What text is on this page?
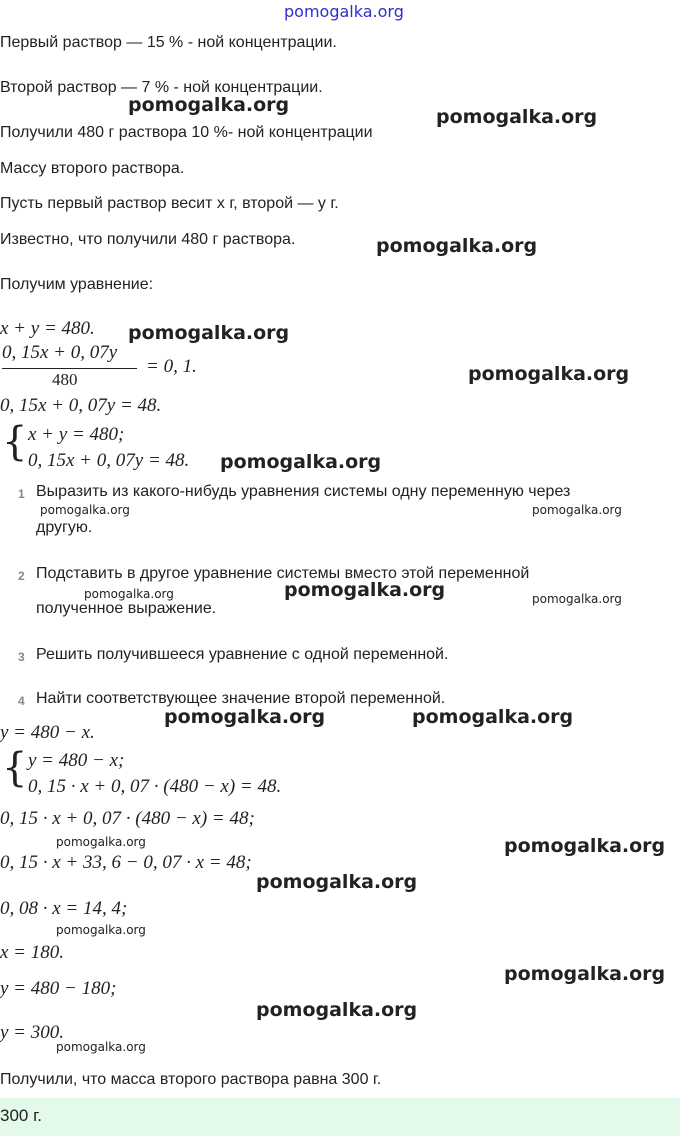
pomogalka.org
Первый раствор — 15 % - ной концентрации.
Второй раствор — 7 % - ной концентрации.
Получили 480 г раствора 10 %- ной концентрации
Массу второго раствора.
Пусть первый раствор весит x г, второй — y г.
Известно, что получили 480 г раствора.
Получим уравнение:
x + y = 480.
0, 15x + 0, 07y
480
= 0, 1.
0, 15x + 0, 07y = 48.
{ x + y = 480;
0, 15x + 0, 07y = 48.
1 Выразить из какого-нибудь уравнения системы одну переменную через
другую.
2 Подставить в другое уравнение системы вместо этой переменной
полученное выражение.
3 Решить получившееся уравнение с одной переменной.
4 Найти соответствующее значение второй переменной.
y = 480 − x.
{ y = 480 − x;
0, 15 · x + 0, 07 · (480 − x) = 48.
0, 15 · x + 0, 07 · (480 − x) = 48;
0, 15 · x + 33, 6 − 0, 07 · x = 48;
0, 08 · x = 14, 4;
x = 180.
y = 480 − 180;
y = 300.
Получили, что масса второго раствора равна 300 г.
300 г.
pomogalka.org
pomogalka.org
pomogalka.org
pomogalka.org
pomogalka.org
pomogalka.org
pomogalka.org
pomogalka.org	pomogalka.org
pomogalka.org
pomogalka.org
pomogalka.org
pomogalka.org
pomogalka.org	pomogalka.org
pomogalka.org	pomogalka.org
pomogalka.org
pomogalka.org
pomogalka.org
